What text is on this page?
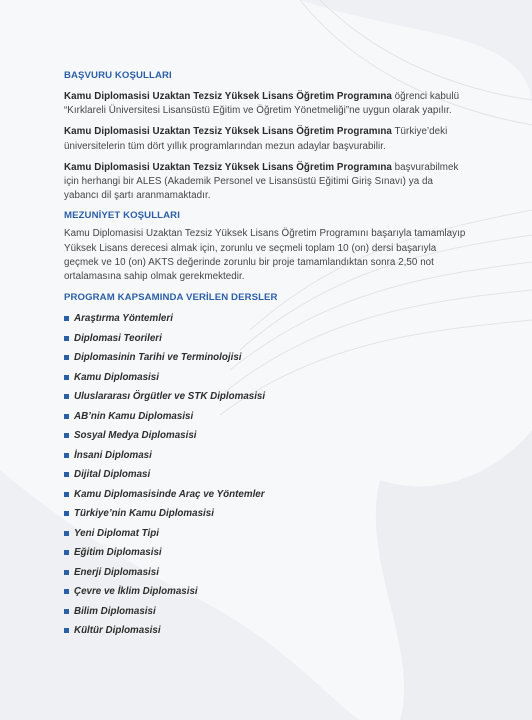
BAŞVURU KOŞULLARI

Kamu Diplomasisi Uzaktan Tezsiz Yüksek Lisans Öğretim Programına öğrenci kabulü “Kırklareli Üniversitesi Lisansüstü Eğitim ve Öğretim Yönetmeliği”ne uygun olarak yapılır.

Kamu Diplomasisi Uzaktan Tezsiz Yüksek Lisans Öğretim Programına Türkiye’deki üniversitelerin tüm dört yıllık programlarından mezun adaylar başvurabilir.

Kamu Diplomasisi Uzaktan Tezsiz Yüksek Lisans Öğretim Programına başvurabilmek için herhangi bir ALES (Akademik Personel ve Lisansüstü Eğitimi Giriş Sınavı) ya da yabancı dil şartı aranmamaktadır.

MEZUNİYET KOŞULLARI

Kamu Diplomasisi Uzaktan Tezsiz Yüksek Lisans Öğretim Programını başarıyla tamamlayıp Yüksek Lisans derecesi almak için, zorunlu ve seçmeli toplam 10 (on) dersi başarıyla geçmek ve 10 (on) AKTS değerinde zorunlu bir proje tamamlandıktan sonra 2,50 not ortalamasına sahip olmak gerekmektedir.

PROGRAM KAPSAMINDA VERİLEN DERSLER
Araştırma Yöntemleri
Diplomasi Teorileri
Diplomasinin Tarihi ve Terminolojisi
Kamu Diplomasisi
Uluslararası Örgütler ve STK Diplomasisi
AB’nin Kamu Diplomasisi
Sosyal Medya Diplomasisi
İnsani Diplomasi
Dijital Diplomasi
Kamu Diplomasisinde Araç ve Yöntemler
Türkiye’nin Kamu Diplomasisi
Yeni Diplomat Tipi
Eğitim Diplomasisi
Enerji Diplomasisi
Çevre ve İklim Diplomasisi
Bilim Diplomasisi
Kültür Diplomasisi
